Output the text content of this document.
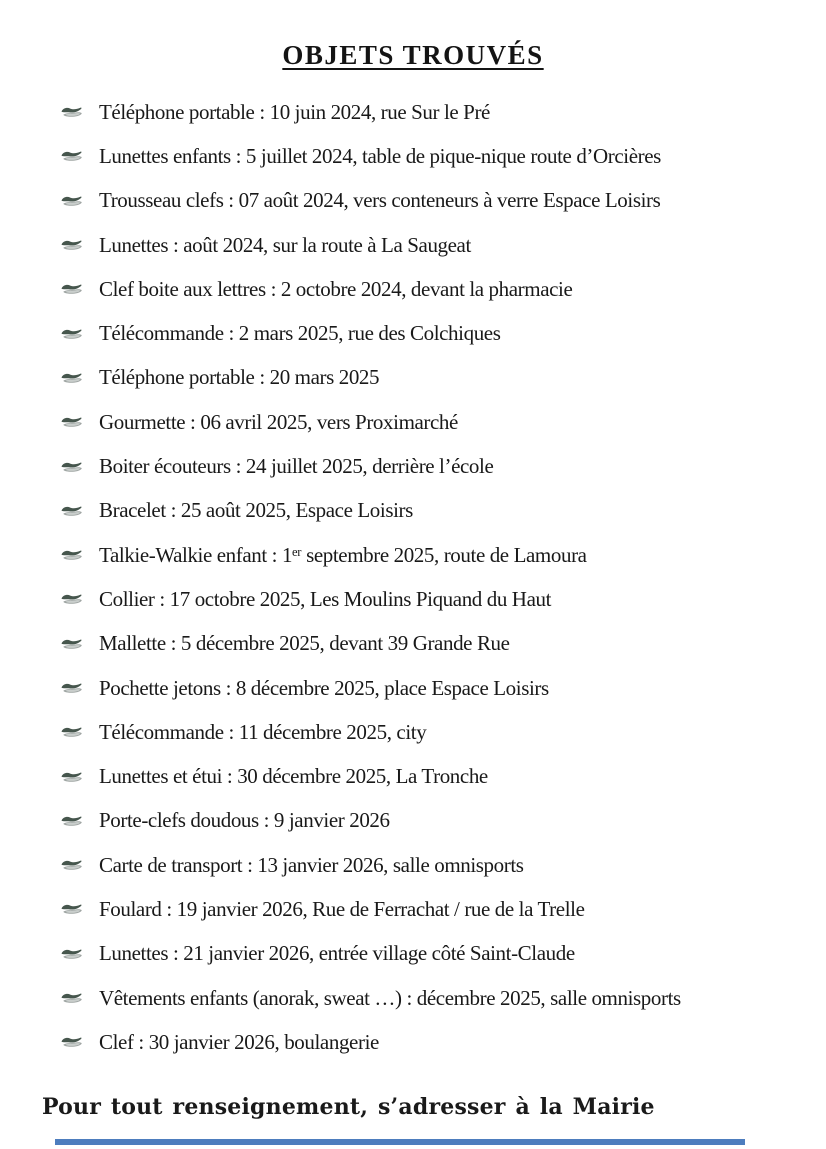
OBJETS TROUVÉS
Téléphone portable : 10 juin 2024, rue Sur le Pré
Lunettes enfants : 5 juillet 2024, table de pique-nique route d’Orcières
Trousseau clefs : 07 août 2024, vers conteneurs à verre Espace Loisirs
Lunettes : août 2024, sur la route à La Saugeat
Clef boite aux lettres : 2 octobre 2024, devant la pharmacie
Télécommande : 2 mars 2025, rue des Colchiques
Téléphone portable : 20 mars 2025
Gourmette : 06 avril 2025, vers Proximarché
Boiter écouteurs : 24 juillet 2025, derrière l’école
Bracelet : 25 août 2025, Espace Loisirs
Talkie-Walkie enfant : 1ᵉʳ septembre 2025, route de Lamoura
Collier : 17 octobre 2025, Les Moulins Piquand du Haut
Mallette : 5 décembre 2025, devant 39 Grande Rue
Pochette jetons : 8 décembre 2025, place Espace Loisirs
Télécommande : 11 décembre 2025, city
Lunettes et étui : 30 décembre 2025, La Tronche
Porte-clefs doudous : 9 janvier 2026
Carte de transport : 13 janvier 2026, salle omnisports
Foulard : 19 janvier 2026, Rue de Ferrachat / rue de la Trelle
Lunettes : 21 janvier 2026, entrée village côté Saint-Claude
Vêtements enfants (anorak, sweat …) : décembre 2025, salle omnisports
Clef : 30 janvier 2026, boulangerie
Pour tout renseignement, s’adresser à la Mairie
